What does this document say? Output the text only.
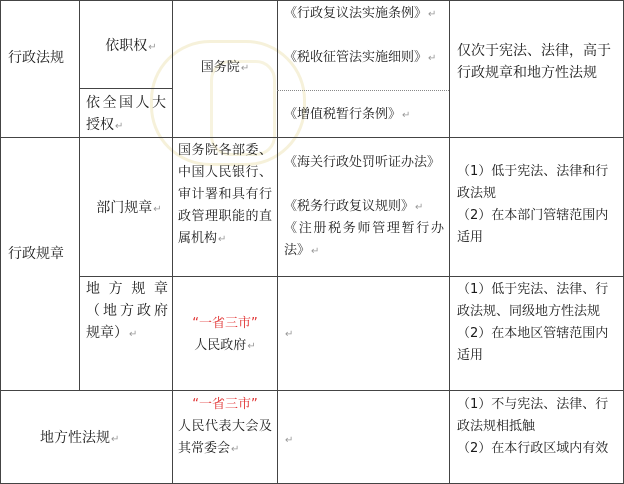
行政法规
依职权↵
依全国人大授权↵
国务院↵
《行政复议法实施条例》↵
《税收征管法实施细则》↵
《增值税暂行条例》↵
仅次于宪法、法律，高于行政规章和地方性法规
行政规章
部门规章↵
国务院各部委、中国人民银行、审计署和具有行政管理职能的直属机构↵
《海关行政处罚听证办法》
《税务行政复议规则》↵
《注册税务师管理暂行办法》↵
（1）低于宪法、法律和行政法规
（2）在本部门管辖范围内适用
地方规章（地方政府规章）↵
“一省三市”
人民政府↵
↵
（1）低于宪法、法律、行政法规、同级地方性法规
（2）在本地区管辖范围内适用
地方性法规↵
“一省三市”
人民代表大会及其常委会↵
↵
（1）不与宪法、法律、行政法规相抵触
（2）在本行政区域内有效
